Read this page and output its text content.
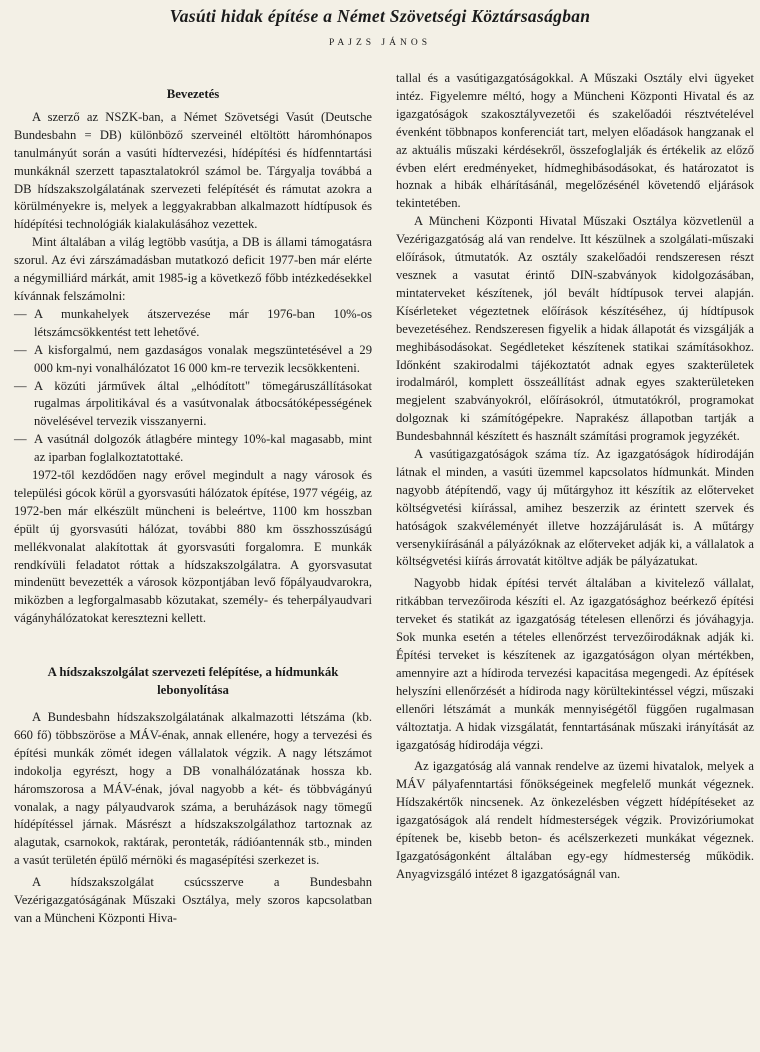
Vasúti hidak építése a Német Szövetségi Köztársaságban
PAJZS JÁNOS
Bevezetés

A szerző az NSZK-ban, a Német Szövetségi Vasút (Deutsche Bundesbahn = DB) különböző szerveinél eltöltött háromhónapos tanulmányút során a vasúti hídtervezési, hídépítési és hídfenntartási munkáknál szerzett tapasztalatokról számol be. Tárgyalja továbbá a DB hídszakszolgálatának szervezeti felépítését és rámutat azokra a körülményekre is, melyek a leggyakrabban alkalmazott hídtípusok és hídépítési technológiák kialakulásához vezettek.

Mint általában a világ legtöbb vasútja, a DB is állami támogatásra szorul. Az évi zárszámadásban mutatkozó deficit 1977-ben már elérte a négymilliárd márkát, amit 1985-ig a következő főbb intézkedésekkel kívánnak felszámolni:

— A munkahelyek átszervezése már 1976-ban 10%-os létszámcsökkentést tett lehetővé.
— A kisforgalmú, nem gazdaságos vonalak megszüntetésével a 29 000 km-nyi vonalhálózatot 16 000 km-re tervezik lecsökkenteni.
— A közúti járművek által „elhódított" tömegáruszállításokat rugalmas árpolitikával és a vasútvonalak átbocsátóképességének növelésével tervezik visszanyerni.
— A vasútnál dolgozók átlagbére mintegy 10%-kal magasabb, mint az iparban foglalkoztatottaké.

1972-től kezdődően nagy erővel megindult a nagy városok és települési gócok körül a gyorsvasúti hálózatok építése, 1977 végéig, az 1972-ben már elkészült müncheni is beleértve, 1100 km hosszban épült új gyorsvasúti hálózat, további 880 km összhosszúságú mellékvonalat alakítottak át gyorsvasúti forgalomra. E munkák rendkívüli feladatot róttak a hídszakszolgálatra. A gyorsvasutat mindenütt bevezették a városok központjában levő főpályaudvarokra, miközben a legforgalmasabb közutakat, személy- és teherpályaudvari vágányhálózatokat keresztezni kellett.

A hídszakszolgálat szervezeti felépítése, a hídmunkák lebonyolítása

A Bundesbahn hídszakszolgálatának alkalmazotti létszáma (kb. 660 fő) többszöröse a MÁV-énak, annak ellenére, hogy a tervezési és építési munkák zömét idegen vállalatok végzik. A nagy létszámot indokolja egyrészt, hogy a DB vonalhálózatának hossza kb. háromszorosa a MÁV-énak, jóval nagyobb a két- és többvágányú vonalak, a nagy pályaudvarok száma, a beruházások nagy tömegű hídépítéssel járnak. Másrészt a hídszakszolgálathoz tartoznak az alagutak, csarnokok, raktárak, peronteták, rádióantennák stb., minden a vasút területén épülő mérnöki és magasépítési szerkezet is.

A hídszakszolgálat csúcsszerve a Bundesbahn Vezérigazgatóságának Műszaki Osztálya, mely szoros kapcsolatban van a Müncheni Központi Hiva-

tallal és a vasútigazgatóságokkal. A Műszaki Osztály elvi ügyeket intéz. Figyelemre méltó, hogy a Müncheni Központi Hivatal és az igazgatóságok szakosztályvezetői és szakelőadói résztvételével évenként többnapos konferenciát tart, melyen előadások hangzanak el az aktuális műszaki kérdésekről, összefoglalják és értékelik az előző évben elért eredményeket, hídmeghibásodásokat, és határozatot is hoznak a hibák elhárításánál, megelőzésénél követendő eljárások tekintetében.

A Müncheni Központi Hivatal Műszaki Osztálya közvetlenül a Vezérigazgatóság alá van rendelve. Itt készülnek a szolgálati-műszaki előírások, útmutatók. Az osztály szakelőadói rendszeresen részt vesznek a vasutat érintő DIN-szabványok kidolgozásában, mintaterveket készítenek, jól bevált hídtípusok tervei alapján. Kísérleteket végeztetnek előírások készítéséhez, új hídtípusok bevezetéséhez. Rendszeresen figyelik a hidak állapotát és vizsgálják a meghibásodásokat. Segédleteket készítenek statikai számításokhoz. Időnként szakirodalmi tájékoztatót adnak egyes szakterületek irodalmáról, komplett összeállítást adnak egyes szakterületeken megjelent szabványokról, előírásokról, útmutatókról, programokat dolgoznak ki számítógépekre. Naprakész állapotban tartják a Bundesbahnnál készített és használt számítási programok jegyzékét.

A vasútigazgatóságok száma tíz. Az igazgatóságok hídirodáján látnak el minden, a vasúti üzemmel kapcsolatos hídmunkát. Minden nagyobb átépítendő, vagy új műtárgyhoz itt készítik az előterveket költségvetési kiírással, amihez beszerzik az érintett szervek és hatóságok szakvéleményét illetve hozzájárulását is. A műtárgy versenykiírásánál a pályázóknak az előterveket adják ki, a vállalatok a költségvetési kiírás árrovatát kitöltve adják be pályázatukat.

Nagyobb hidak építési tervét általában a kivitelező vállalat, ritkábban tervezőiroda készíti el. Az igazgatósághoz beérkező építési terveket és statikát az igazgatóság tételesen ellenőrzi és jóváhagyja. Sok munka esetén a tételes ellenőrzést tervezőirodáknak adják ki. Építési terveket is készítenek az igazgatóságon olyan mértékben, amennyire azt a hídiroda tervezési kapacitása megengedi. Az építések helyszíni ellenőrzését a hídiroda nagy körültekintéssel végzi, műszaki ellenőri létszámát a munkák mennyiségétől függően rugalmasan változtatja. A hidak vizsgálatát, fenntartásának műszaki irányítását az igazgatóság hídirodája végzi.

Az igazgatóság alá vannak rendelve az üzemi hivatalok, melyek a MÁV pályafenntartási főnökségeinek megfelelő munkát végeznek. Hídszakértők nincsenek. Az önkezelésben végzett hídépítéseket az igazgatóságok alá rendelt hídmesterségek végzik. Provizóriumokat építenek be, kisebb beton- és acélszerkezeti munkákat végeznek. Igazgatóságonként általában egy-egy hídmesterség működik. Anyagvizsgáló intézet 8 igazgatóságnál van.
